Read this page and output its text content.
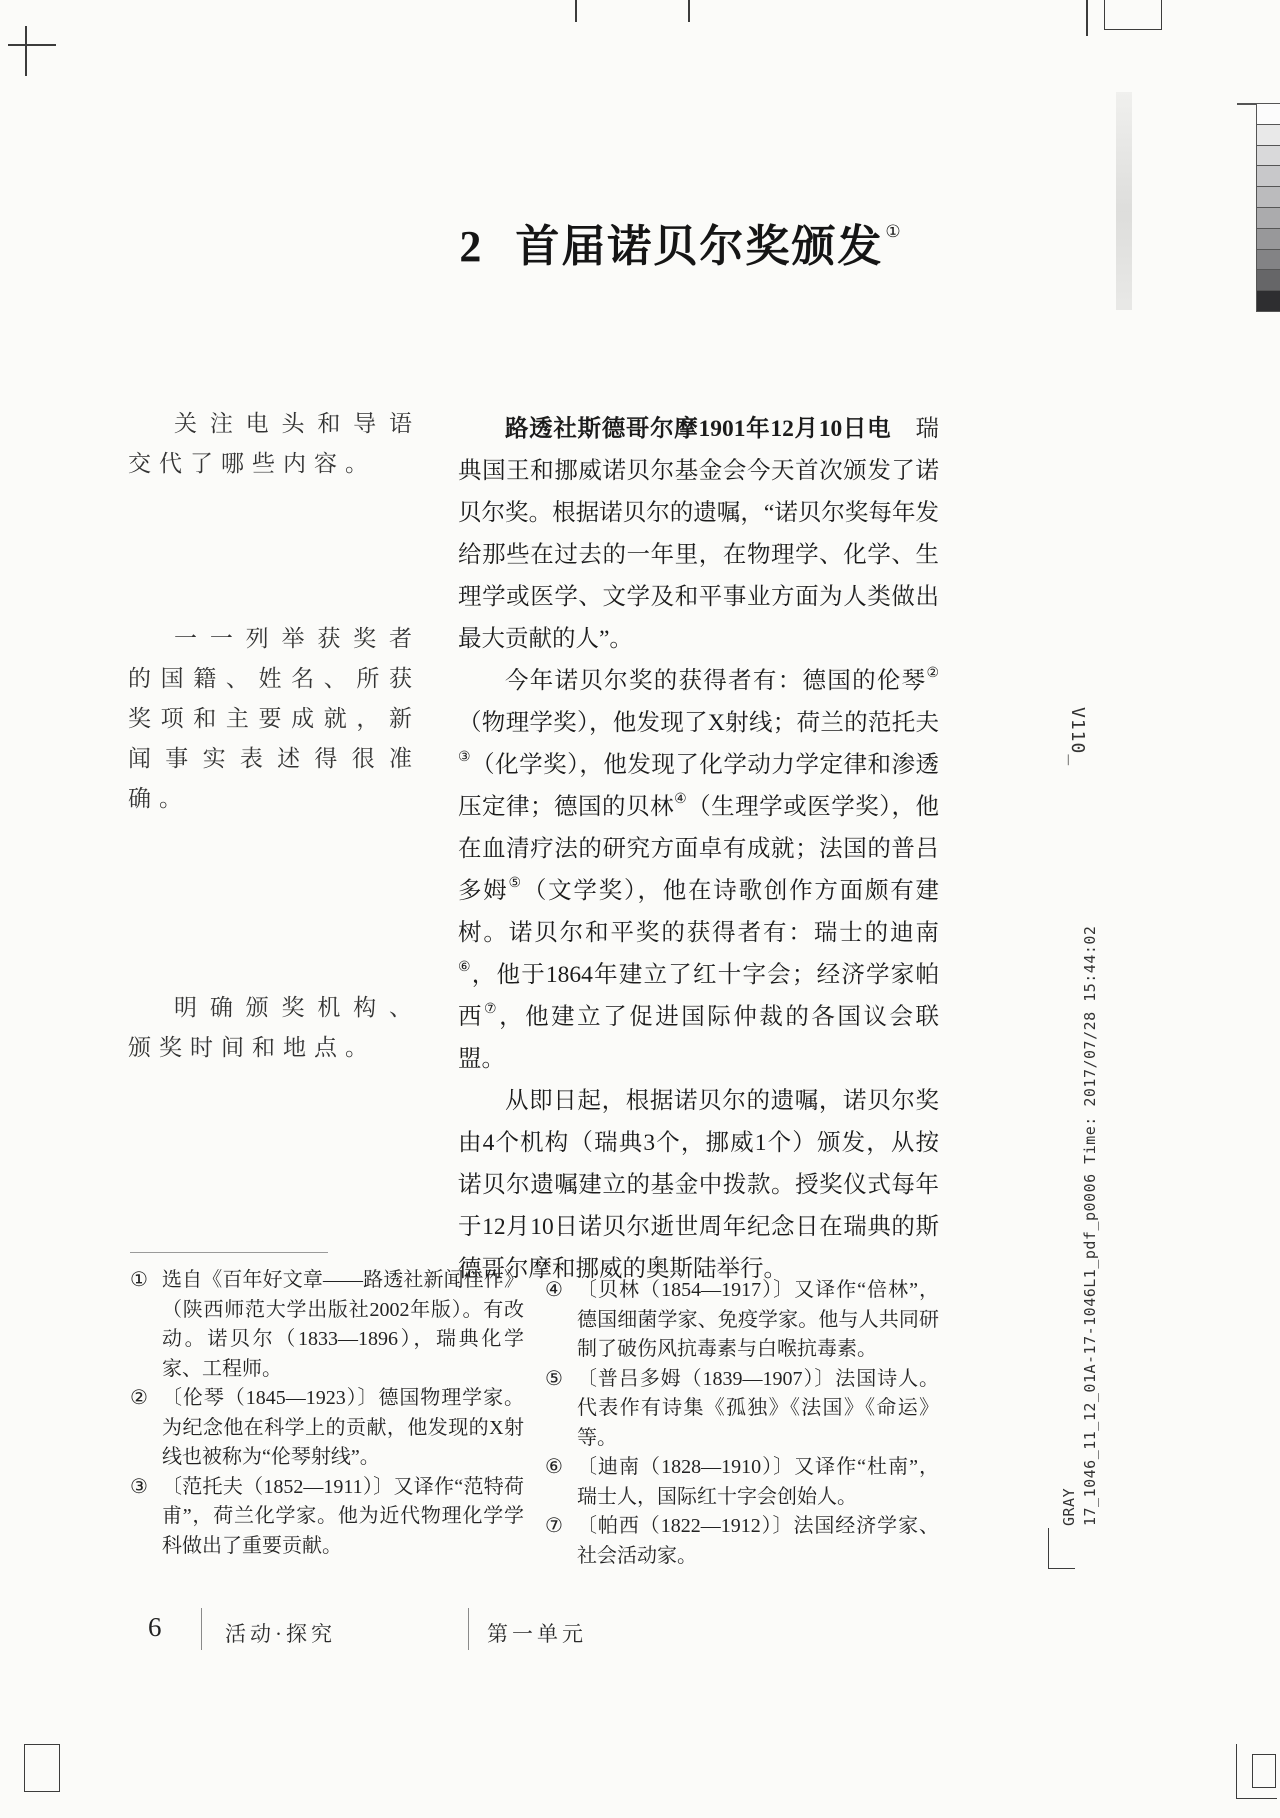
2 首届诺贝尔奖颁发 ①
关注电头和导语交代了哪些内容。
一一列举获奖者的国籍、姓名、所获奖项和主要成就，新闻事实表述得很准确。
明确颁奖机构、颁奖时间和地点。

路透社斯德哥尔摩1901年12月10日电　瑞典国王和挪威诺贝尔基金会今天首次颁发了诺贝尔奖。根据诺贝尔的遗嘱，“诺贝尔奖每年发给那些在过去的一年里，在物理学、化学、生理学或医学、文学及和平事业方面为人类做出最大贡献的人”。

今年诺贝尔奖的获得者有：德国的伦琴②（物理学奖），他发现了X射线；荷兰的范托夫③（化学奖），他发现了化学动力学定律和渗透压定律；德国的贝林④（生理学或医学奖），他在血清疗法的研究方面卓有成就；法国的普吕多姆⑤（文学奖），他在诗歌创作方面颇有建树。诺贝尔和平奖的获得者有：瑞士的迪南⑥，他于1864年建立了红十字会；经济学家帕西⑦，他建立了促进国际仲裁的各国议会联盟。

从即日起，根据诺贝尔的遗嘱，诺贝尔奖由4个机构（瑞典3个，挪威1个）颁发，从按诺贝尔遗嘱建立的基金中拨款。授奖仪式每年于12月10日诺贝尔逝世周年纪念日在瑞典的斯德哥尔摩和挪威的奥斯陆举行。

① 选自《百年好文章——路透社新闻佳作》（陕西师范大学出版社2002年版）。有改动。诺贝尔（1833—1896），瑞典化学家、工程师。

② 〔伦琴（1845—1923）〕德国物理学家。为纪念他在科学上的贡献，他发现的X射线也被称为“伦琴射线”。

③ 〔范托夫（1852—1911）〕又译作“范特荷甫”，荷兰化学家。他为近代物理化学学科做出了重要贡献。

④ 〔贝林（1854—1917）〕又译作“倍林”，德国细菌学家、免疫学家。他与人共同研制了破伤风抗毒素与白喉抗毒素。

⑤ 〔普吕多姆（1839—1907）〕法国诗人。代表作有诗集《孤独》《法国》《命运》等。

⑥ 〔迪南（1828—1910）〕又译作“杜南”，瑞士人，国际红十字会创始人。

⑦ 〔帕西（1822—1912）〕法国经济学家、社会活动家。

6	活动·探究	第一单元
V110_
GRAY 17_1046_11_12_01A-17-1046L1_pdf_p0006 Time: 2017/07/28 15:44:02
